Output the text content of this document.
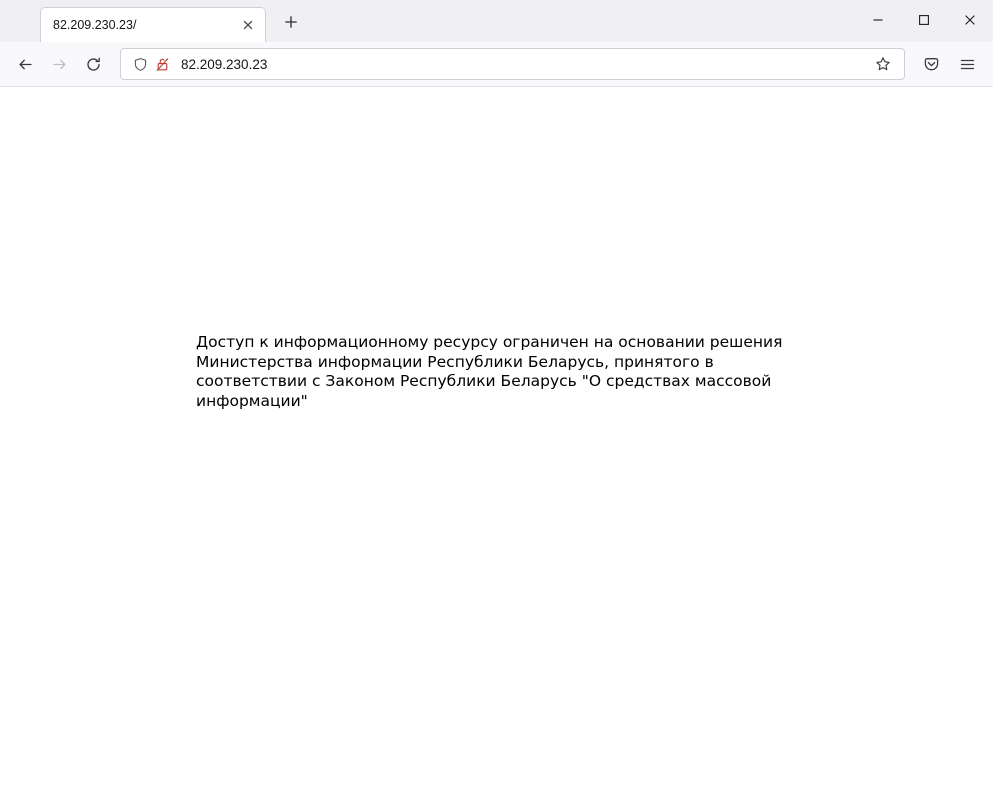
82.209.230.23/
82.209.230.23
Доступ к информационному ресурсу ограничен на основании решения Министерства информации Республики Беларусь, принятого в соответствии с Законом Республики Беларусь "О средствах массовой информации"
